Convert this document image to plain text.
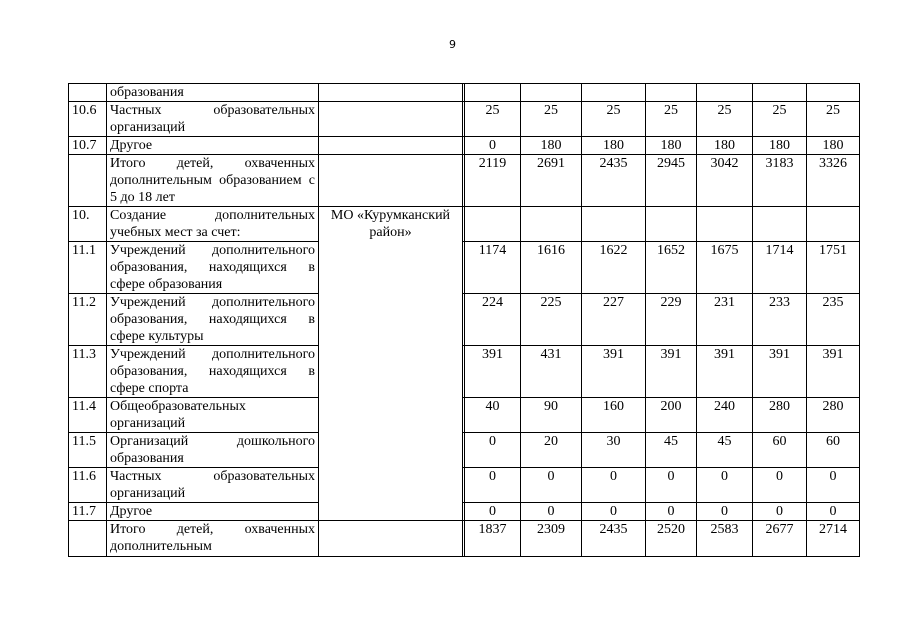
9
	образования									
10.6	Частных образовательных организаций			25	25	25	25	25	25	25
10.7	Другое			0	180	180	180	180	180	180
	Итого детей, охваченных дополнительным образованием с 5 до 18 лет			2119	2691	2435	2945	3042	3183	3326
10.	Создание дополнительных учебных мест за счет:	МО «Курумканский район»								
11.1	Учреждений дополнительного образования, находящихся в сфере образования			1174	1616	1622	1652	1675	1714	1751
11.2	Учреждений дополнительного образования, находящихся в сфере культуры			224	225	227	229	231	233	235
11.3	Учреждений дополнительного образования, находящихся в сфере спорта			391	431	391	391	391	391	391
11.4	Общеобразовательных организаций			40	90	160	200	240	280	280
11.5	Организаций дошкольного образования			0	20	30	45	45	60	60
11.6	Частных образовательных организаций			0	0	0	0	0	0	0
11.7	Другое			0	0	0	0	0	0	0
	Итого детей, охваченных дополнительным			1837	2309	2435	2520	2583	2677	2714
